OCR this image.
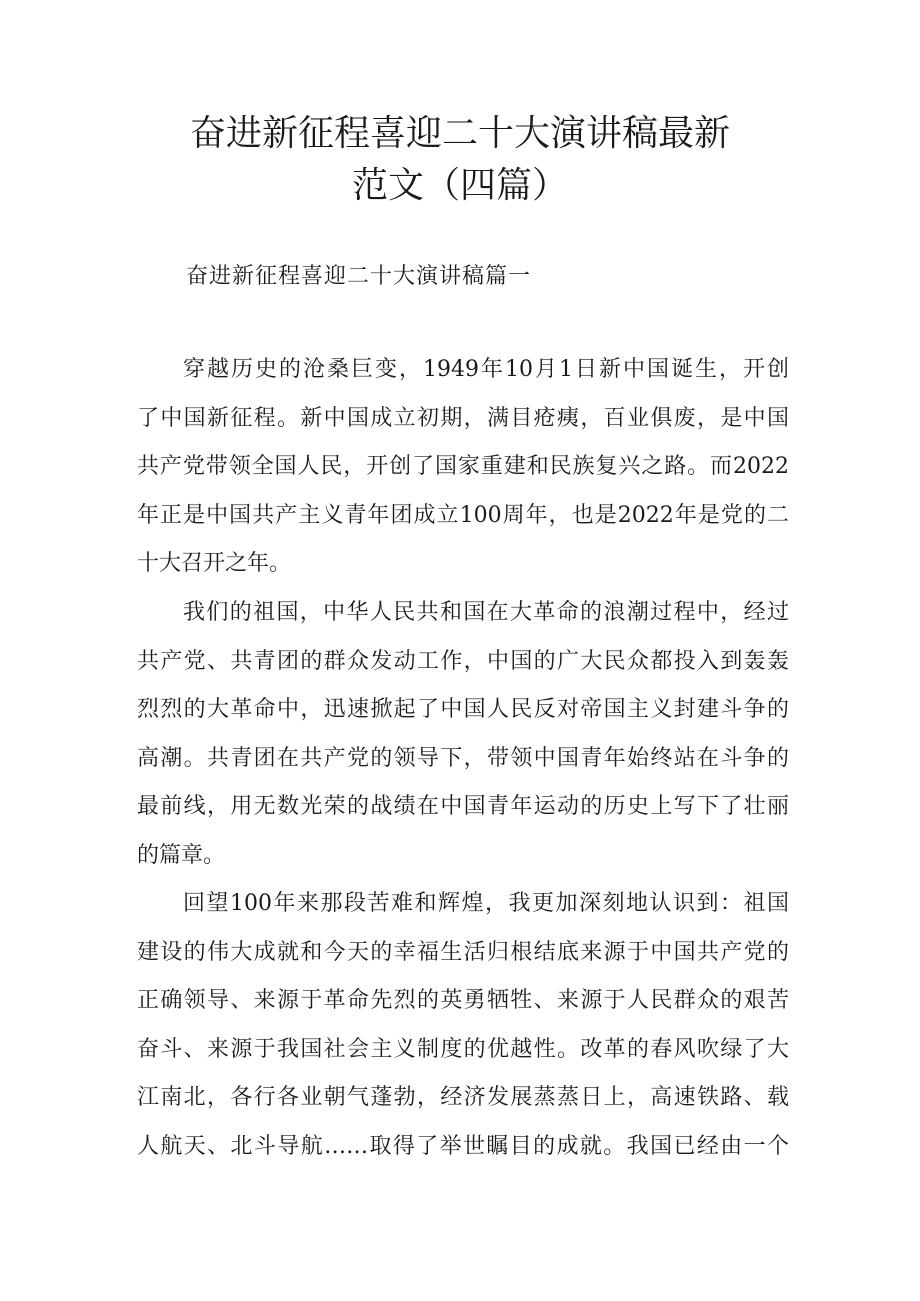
奋进新征程喜迎二十大演讲稿最新
范文（四篇）

奋进新征程喜迎二十大演讲稿篇一

穿越历史的沧桑巨变，1949年10月1日新中国诞生，开创
了中国新征程。新中国成立初期，满目疮痍，百业俱废，是中国
共产党带领全国人民，开创了国家重建和民族复兴之路。而2022
年正是中国共产主义青年团成立100周年，也是2022年是党的二
十大召开之年。
我们的祖国，中华人民共和国在大革命的浪潮过程中，经过
共产党、共青团的群众发动工作，中国的广大民众都投入到轰轰
烈烈的大革命中，迅速掀起了中国人民反对帝国主义封建斗争的
高潮。共青团在共产党的领导下，带领中国青年始终站在斗争的
最前线，用无数光荣的战绩在中国青年运动的历史上写下了壮丽
的篇章。
回望100年来那段苦难和辉煌，我更加深刻地认识到：祖国
建设的伟大成就和今天的幸福生活归根结底来源于中国共产党的
正确领导、来源于革命先烈的英勇牺牲、来源于人民群众的艰苦
奋斗、来源于我国社会主义制度的优越性。改革的春风吹绿了大
江南北，各行各业朝气蓬勃，经济发展蒸蒸日上，高速铁路、载
人航天、北斗导航……取得了举世瞩目的成就。我国已经由一个
